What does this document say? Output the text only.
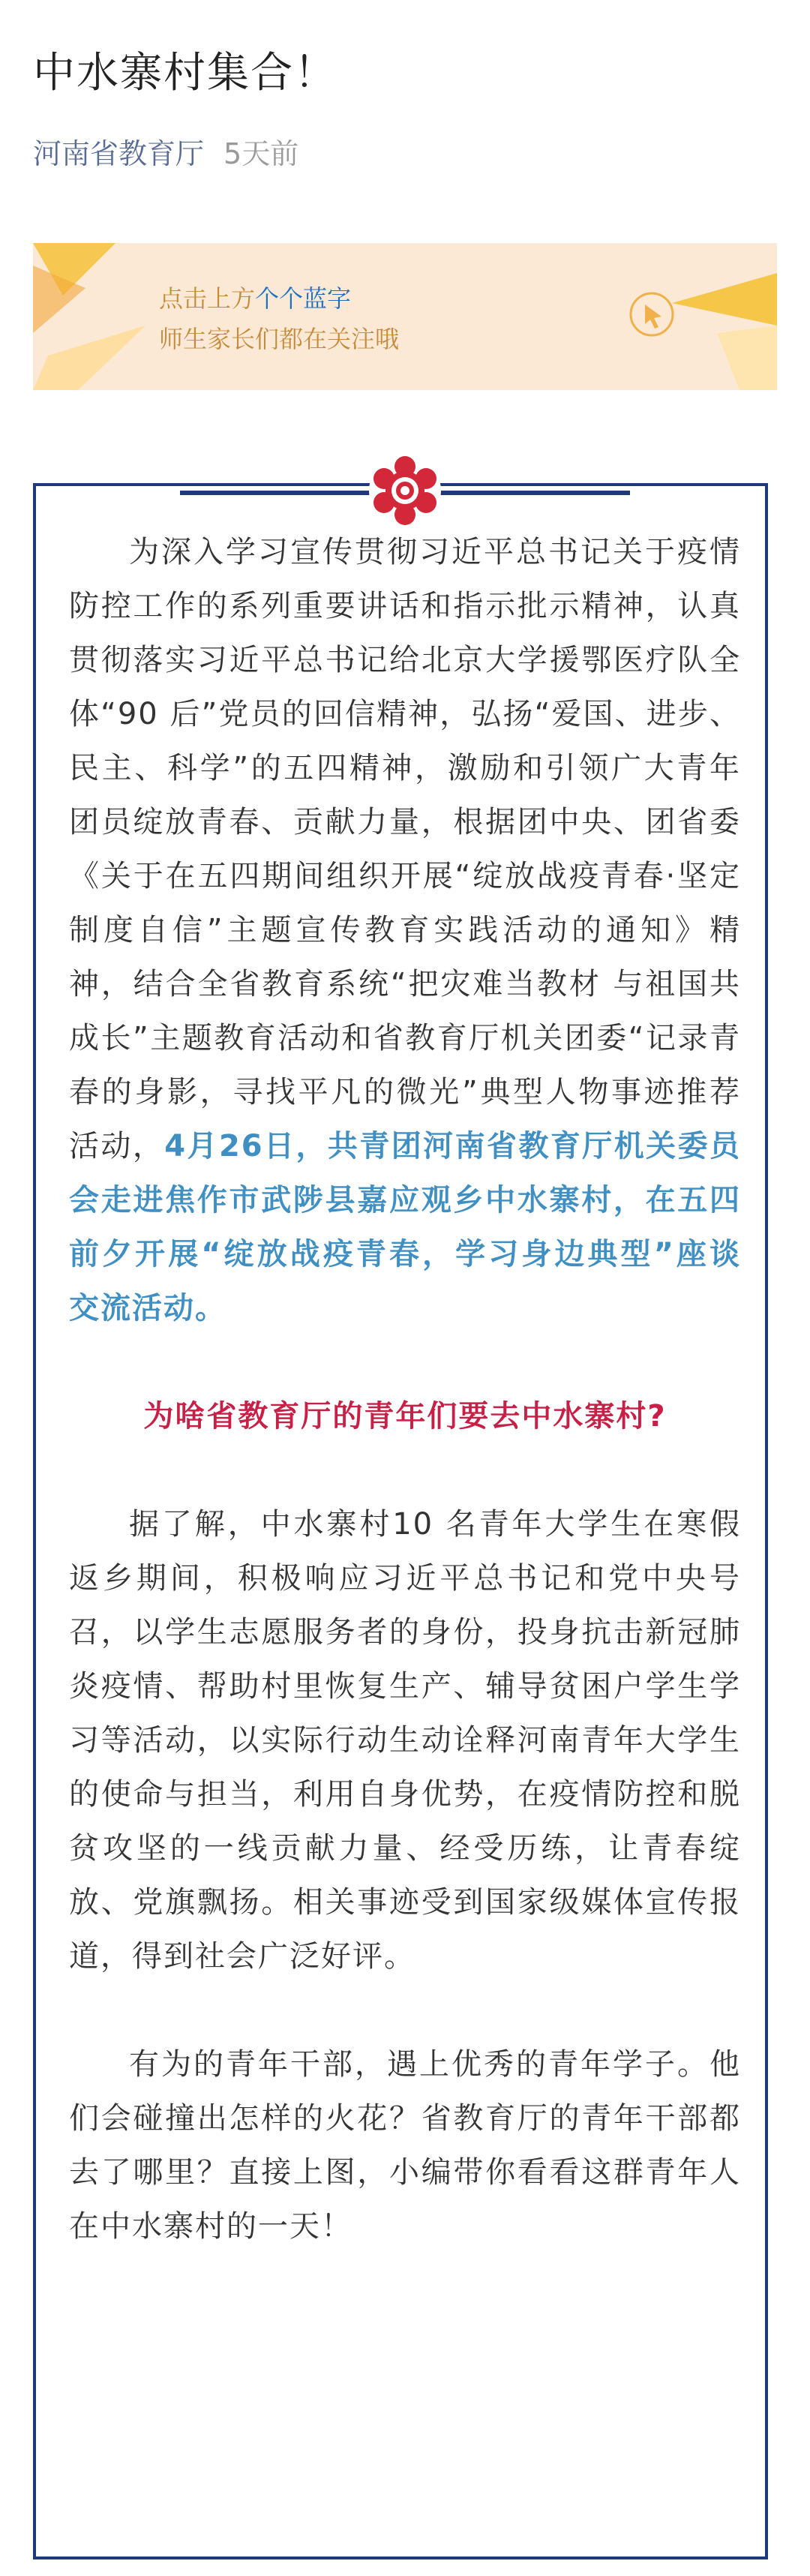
中水寨村集合！
河南省教育厅 5天前
点击上方个个蓝字
师生家长们都在关注哦

为深入学习宣传贯彻习近平总书记关于疫情防控工作的系列重要讲话和指示批示精神，认真贯彻落实习近平总书记给北京大学援鄂医疗队全体“90 后”党员的回信精神，弘扬“爱国、进步、民主、科学”的五四精神，激励和引领广大青年团员绽放青春、贡献力量，根据团中央、团省委《关于在五四期间组织开展“绽放战疫青春·坚定制度自信”主题宣传教育实践活动的通知》精神，结合全省教育系统“把灾难当教材 与祖国共成长”主题教育活动和省教育厅机关团委“记录青春的身影，寻找平凡的微光”典型人物事迹推荐活动，4月26日，共青团河南省教育厅机关委员会走进焦作市武陟县嘉应观乡中水寨村，在五四前夕开展“绽放战疫青春，学习身边典型”座谈交流活动。

为啥省教育厅的青年们要去中水寨村?

据了解，中水寨村10 名青年大学生在寒假返乡期间，积极响应习近平总书记和党中央号召，以学生志愿服务者的身份，投身抗击新冠肺炎疫情、帮助村里恢复生产、辅导贫困户学生学习等活动，以实际行动生动诠释河南青年大学生的使命与担当，利用自身优势，在疫情防控和脱贫攻坚的一线贡献力量、经受历练，让青春绽放、党旗飘扬。相关事迹受到国家级媒体宣传报道，得到社会广泛好评。

有为的青年干部，遇上优秀的青年学子。他们会碰撞出怎样的火花？省教育厅的青年干部都去了哪里？直接上图，小编带你看看这群青年人在中水寨村的一天！
